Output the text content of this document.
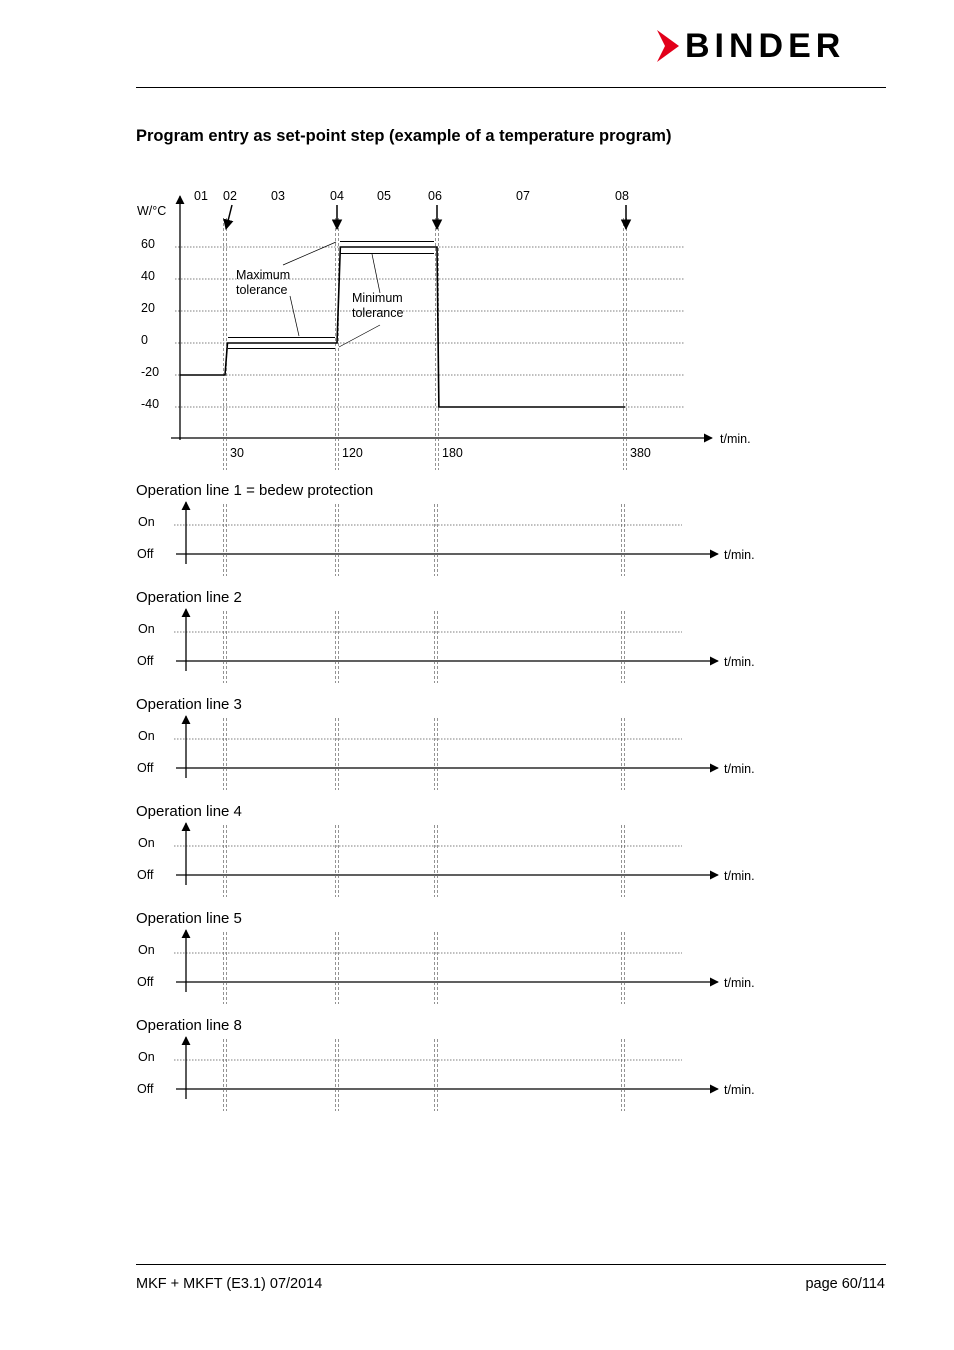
BINDER
Program entry as set-point step (example of a temperature program)
60
40
20
0
-20
-40
W/°C
t/min.
30	120	180	380
01 02	03	04	05	06	07	08
Maximum
tolerance
Minimum
tolerance
Operation line 1 = bedew protection
On
Off	t/min.
Operation line 2
On
Off	t/min.
Operation line 3
On
Off	t/min.
Operation line 4
On
Off	t/min.
Operation line 5
On
Off	t/min.
Operation line 8
On
Off	t/min.
MKF + MKFT (E3.1) 07/2014	page 60/114
